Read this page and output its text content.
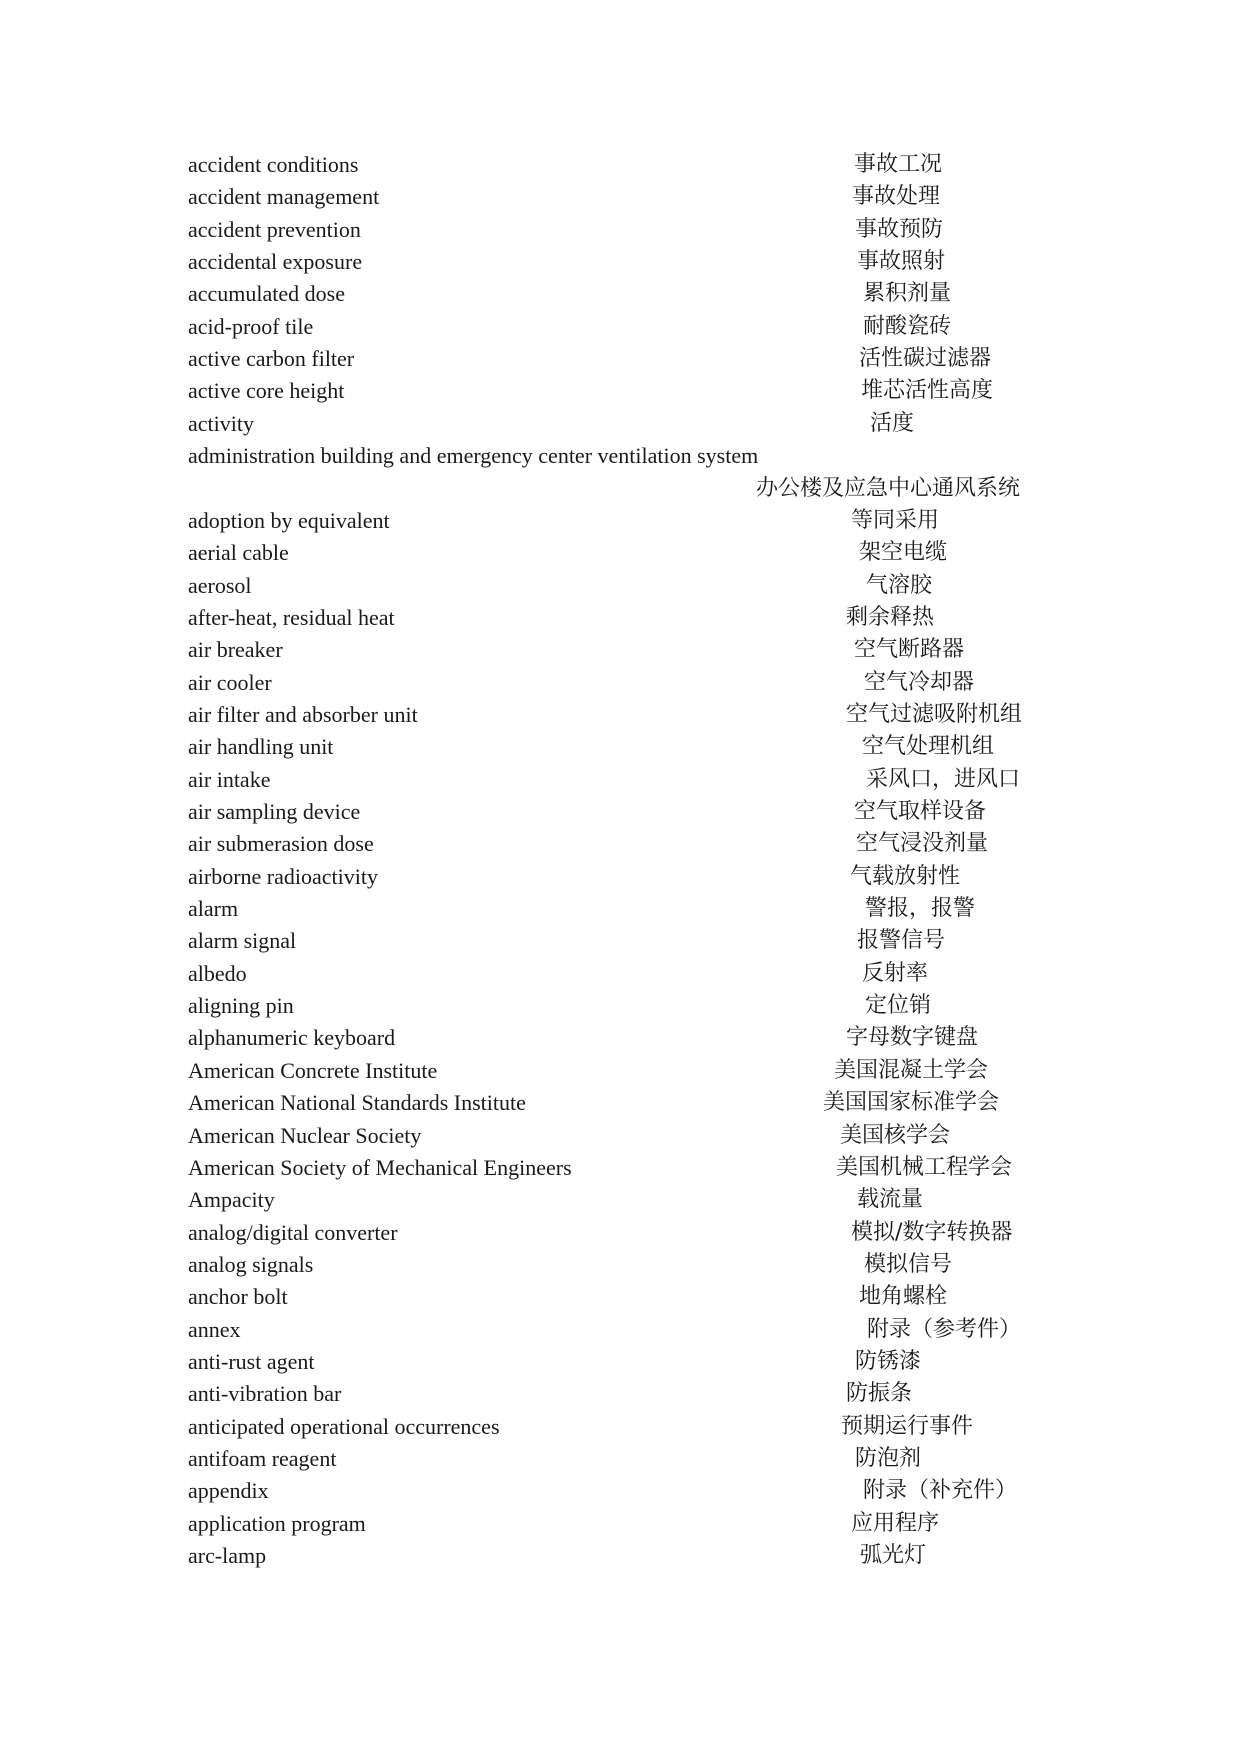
accident conditions	事故工况
accident management	事故处理
accident prevention	事故预防
accidental exposure	事故照射
accumulated dose	累积剂量
acid-proof tile	耐酸瓷砖
active carbon filter	活性碳过滤器
active core height	堆芯活性高度
activity	活度
administration building and emergency center ventilation system
办公楼及应急中心通风系统
adoption by equivalent	等同采用
aerial cable	架空电缆
aerosol	气溶胶
after-heat, residual heat	剩余释热
air breaker	空气断路器
air cooler	空气冷却器
air filter and absorber unit	空气过滤吸附机组
air handling unit	空气处理机组
air intake	采风口，进风口
air sampling device	空气取样设备
air submerasion dose	空气浸没剂量
airborne radioactivity	气载放射性
alarm	警报，报警
alarm signal	报警信号
albedo	反射率
aligning pin	定位销
alphanumeric keyboard	字母数字键盘
American Concrete Institute	美国混凝土学会
American National Standards Institute	美国国家标准学会
American Nuclear Society	美国核学会
American Society of Mechanical Engineers	美国机械工程学会
Ampacity	载流量
analog/digital converter	模拟/数字转换器
analog signals	模拟信号
anchor bolt	地角螺栓
annex	附录（参考件）
anti-rust agent	防锈漆
anti-vibration bar	防振条
anticipated operational occurrences	预期运行事件
antifoam reagent	防泡剂
appendix	附录（补充件）
application program	应用程序
arc-lamp	弧光灯
